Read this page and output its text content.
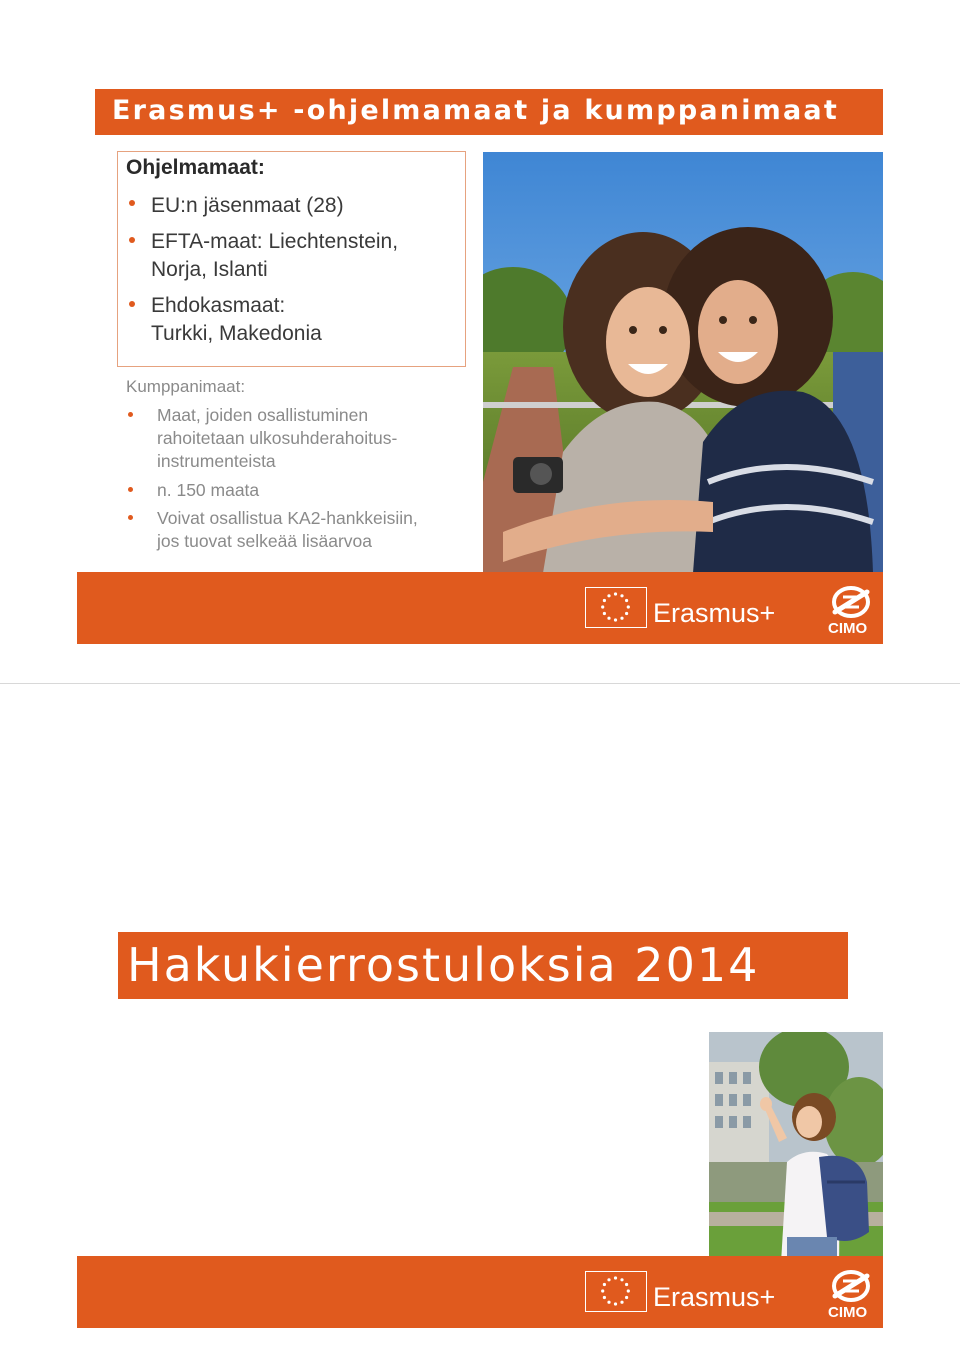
Erasmus+ -ohjelmamaat ja kumppanimaat
Ohjelmamaat:
EU:n jäsenmaat (28)
EFTA-maat: Liechtenstein,
Norja, Islanti
Ehdokasmaat:
Turkki, Makedonia
Kumppanimaat:
Maat, joiden osallistuminen
rahoitetaan ulkosuhderahoitus-
instrumenteista
n. 150 maata
Voivat osallistua KA2-hankkeisiin,
jos tuovat selkeää lisäarvoa
Erasmus+
CIMO
Hakukierrostuloksia 2014
Erasmus+
CIMO
